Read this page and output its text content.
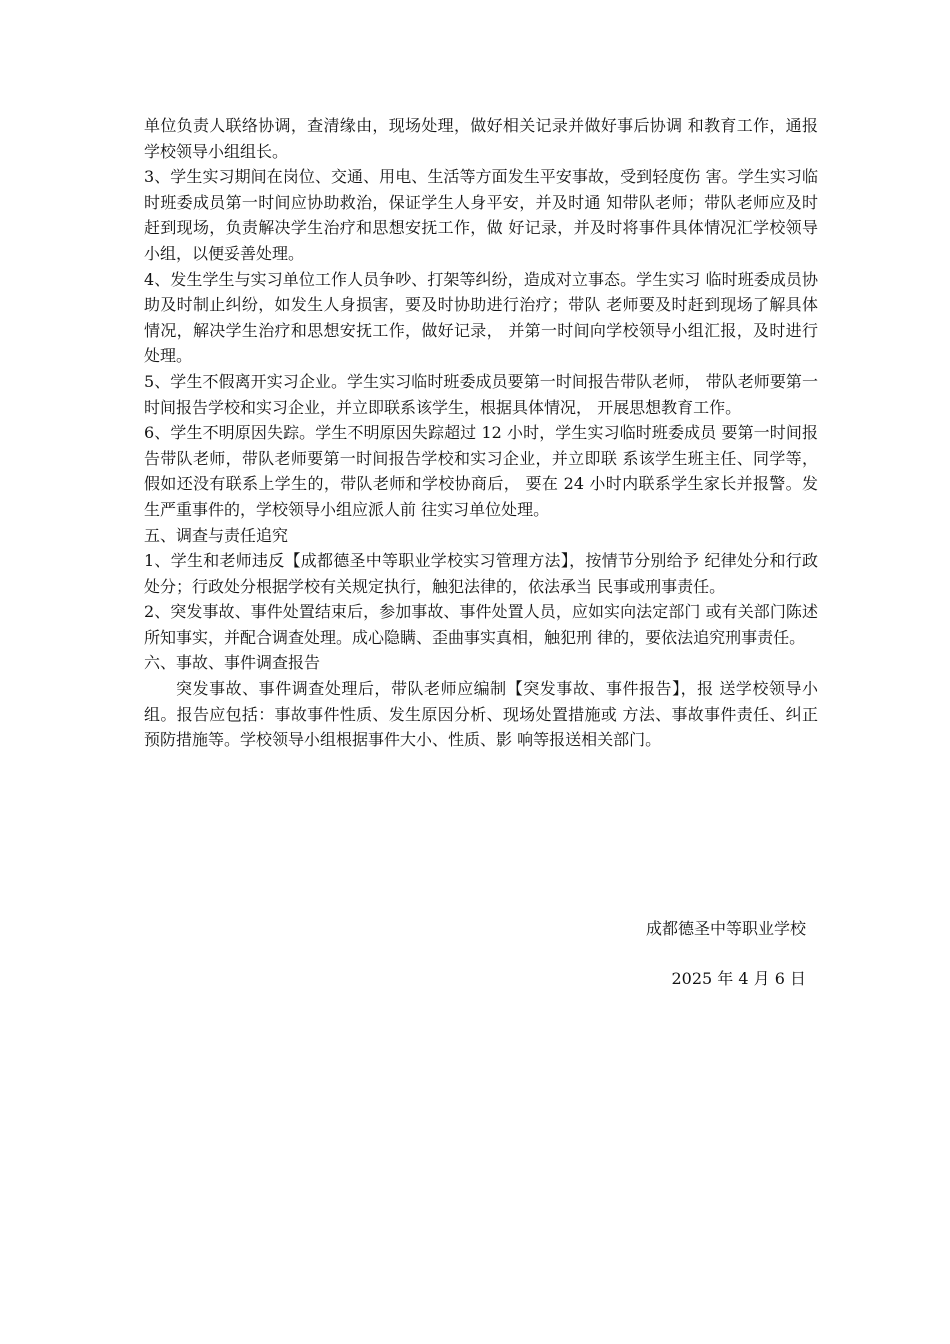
单位负责人联络协调，查清缘由，现场处理，做好相关记录并做好事后协调 和教育工作，通报学校领导小组组长。

3、学生实习期间在岗位、交通、用电、生活等方面发生平安事故，受到轻度伤 害。学生实习临时班委成员第一时间应协助救治，保证学生人身平安，并及时通 知带队老师；带队老师应及时赶到现场，负责解决学生治疗和思想安抚工作，做 好记录，并及时将事件具体情况汇学校领导小组，以便妥善处理。

4、发生学生与实习单位工作人员争吵、打架等纠纷，造成对立事态。学生实习 临时班委成员协助及时制止纠纷，如发生人身损害，要及时协助进行治疗；带队 老师要及时赶到现场了解具体情况，解决学生治疗和思想安抚工作，做好记录， 并第一时间向学校领导小组汇报，及时进行处理。

5、学生不假离开实习企业。学生实习临时班委成员要第一时间报告带队老师， 带队老师要第一时间报告学校和实习企业，并立即联系该学生，根据具体情况， 开展思想教育工作。

6、学生不明原因失踪。学生不明原因失踪超过 12 小时，学生实习临时班委成员 要第一时间报告带队老师，带队老师要第一时间报告学校和实习企业，并立即联 系该学生班主任、同学等，假如还没有联系上学生的，带队老师和学校协商后， 要在 24 小时内联系学生家长并报警。发生严重事件的，学校领导小组应派人前 往实习单位处理。

五、调查与责任追究

1、学生和老师违反【成都德圣中等职业学校实习管理方法】，按情节分别给予 纪律处分和行政处分；行政处分根据学校有关规定执行，触犯法律的，依法承当 民事或刑事责任。

2、突发事故、事件处置结束后，参加事故、事件处置人员，应如实向法定部门 或有关部门陈述所知事实，并配合调查处理。成心隐瞒、歪曲事实真相，触犯刑 律的，要依法追究刑事责任。

六、事故、事件调查报告

突发事故、事件调查处理后，带队老师应编制【突发事故、事件报告】，报 送学校领导小组。报告应包括：事故事件性质、发生原因分析、现场处置措施或 方法、事故事件责任、纠正预防措施等。学校领导小组根据事件大小、性质、影 响等报送相关部门。

成都德圣中等职业学校
2025 年 4 月 6 日
